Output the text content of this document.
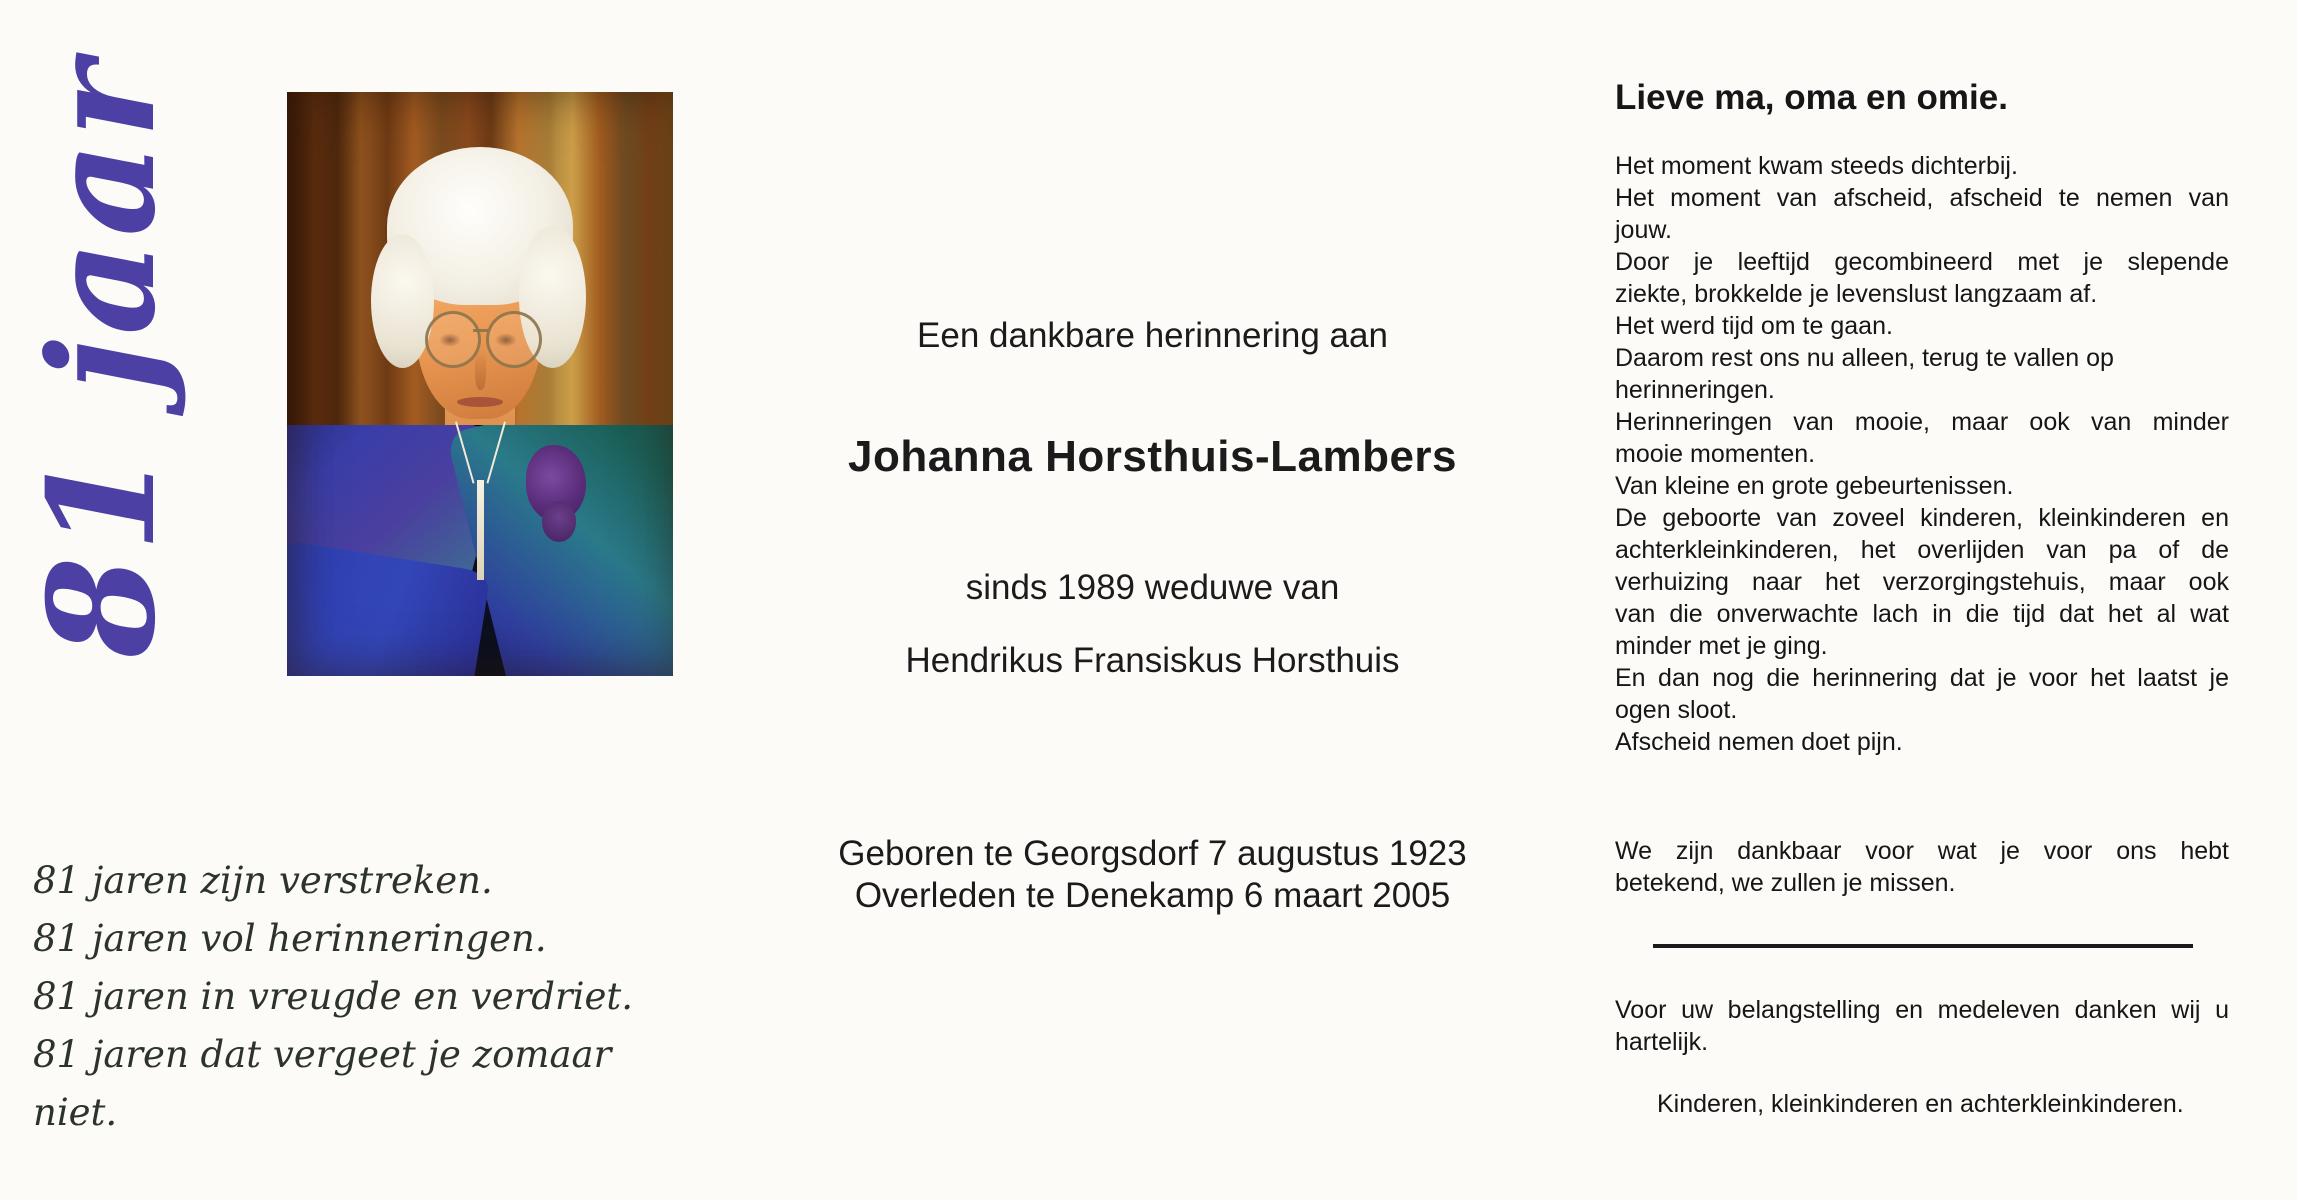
81 jaar
81 jaren zijn verstreken.
81 jaren vol herinneringen.
81 jaren in vreugde en verdriet.
81 jaren dat vergeet je zomaar niet.
Een dankbare herinnering aan
Johanna Horsthuis-Lambers
sinds 1989 weduwe van
Hendrikus Fransiskus Horsthuis
Geboren te Georgsdorf 7 augustus 1923
Overleden te Denekamp 6 maart 2005
Lieve ma, oma en omie.
Het moment kwam steeds dichterbij.
Het moment van afscheid, afscheid te nemen van
jouw.
Door je leeftijd gecombineerd met je slepende
ziekte, brokkelde je levenslust langzaam af.
Het werd tijd om te gaan.
Daarom rest ons nu alleen, terug te vallen op
herinneringen.
Herinneringen van mooie, maar ook van minder
mooie momenten.
Van kleine en grote gebeurtenissen.
De geboorte van zoveel kinderen, kleinkinderen en
achterkleinkinderen, het overlijden van pa of de
verhuizing naar het verzorgingstehuis, maar ook
van die onverwachte lach in die tijd dat het al wat
minder met je ging.
En dan nog die herinnering dat je voor het laatst je
ogen sloot.
Afscheid nemen doet pijn.
We zijn dankbaar voor wat je voor ons hebt
betekend, we zullen je missen.
Voor uw belangstelling en medeleven danken wij u
hartelijk.
Kinderen, kleinkinderen en achterkleinkinderen.
